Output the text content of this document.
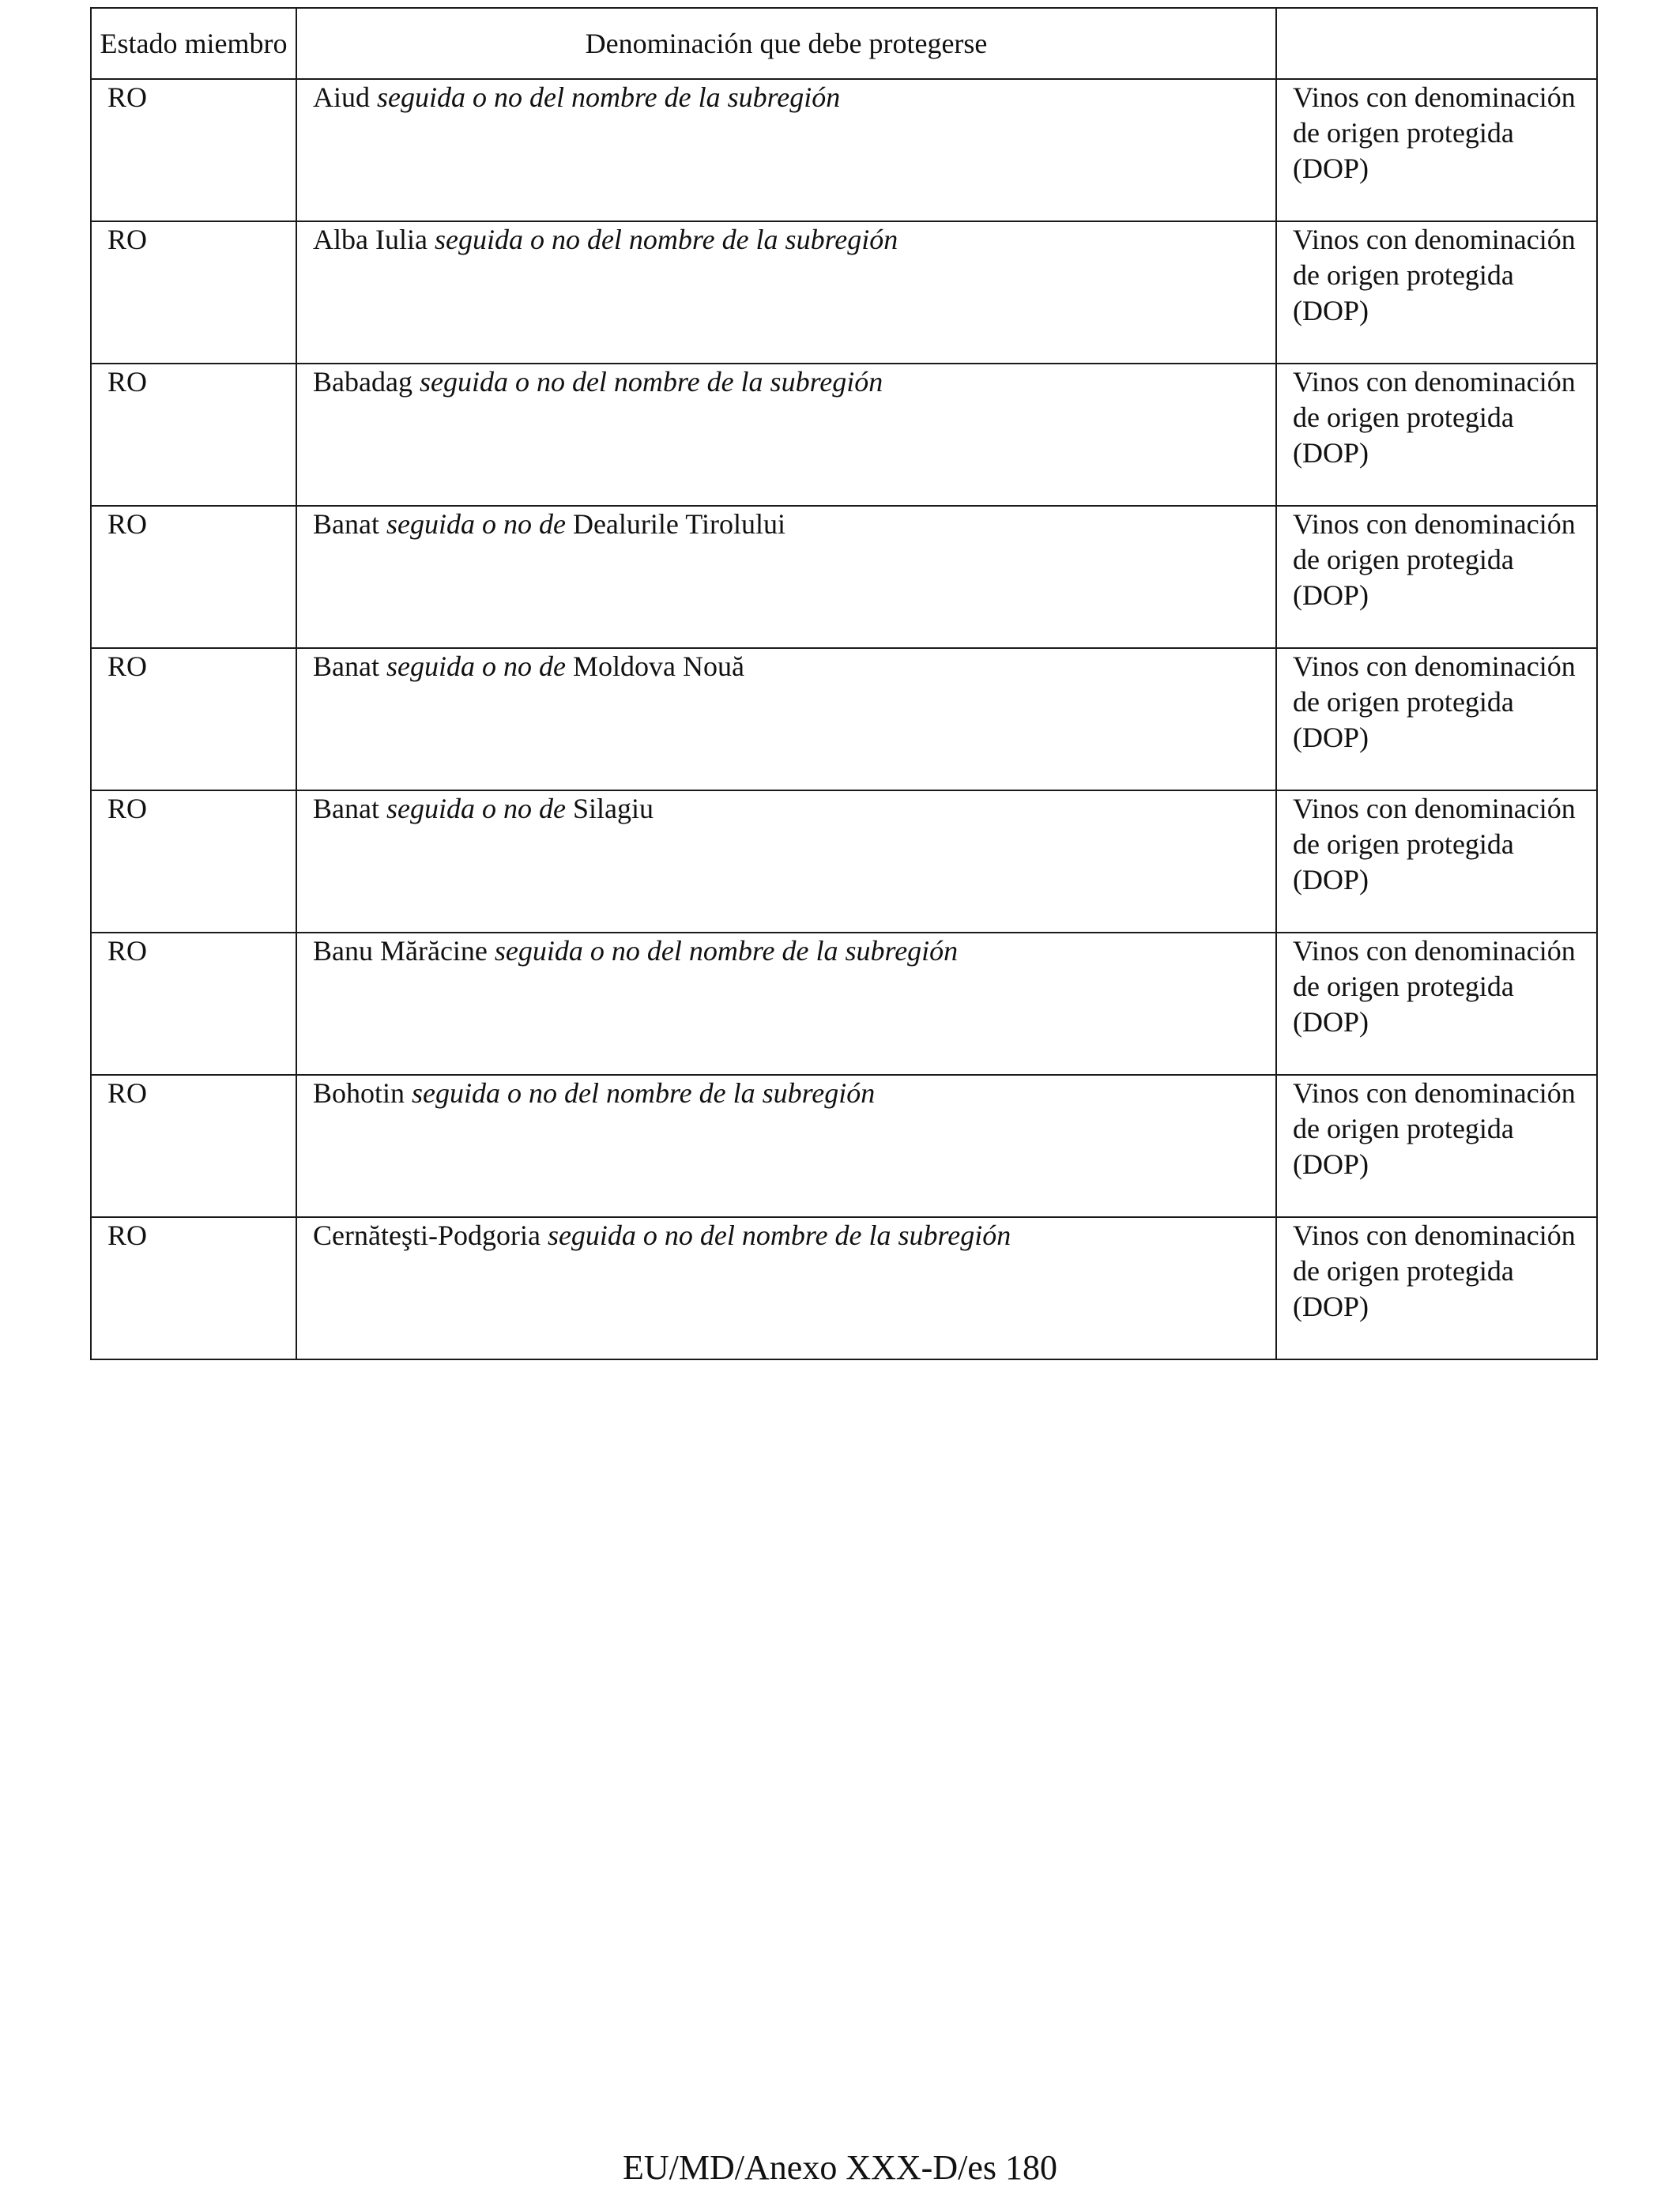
Estado miembro	Denominación que debe protegerse	
RO	Aiud seguida o no del nombre de la subregión	Vinos con denominación de origen protegida (DOP)
RO	Alba Iulia seguida o no del nombre de la subregión	Vinos con denominación de origen protegida (DOP)
RO	Babadag seguida o no del nombre de la subregión	Vinos con denominación de origen protegida (DOP)
RO	Banat seguida o no de Dealurile Tirolului	Vinos con denominación de origen protegida (DOP)
RO	Banat seguida o no de Moldova Nouă	Vinos con denominación de origen protegida (DOP)
RO	Banat seguida o no de Silagiu	Vinos con denominación de origen protegida (DOP)
RO	Banu Mărăcine seguida o no del nombre de la subregión	Vinos con denominación de origen protegida (DOP)
RO	Bohotin seguida o no del nombre de la subregión	Vinos con denominación de origen protegida (DOP)
RO	Cernăteşti-Podgoria seguida o no del nombre de la subregión	Vinos con denominación de origen protegida (DOP)
EU/MD/Anexo XXX-D/es 180
